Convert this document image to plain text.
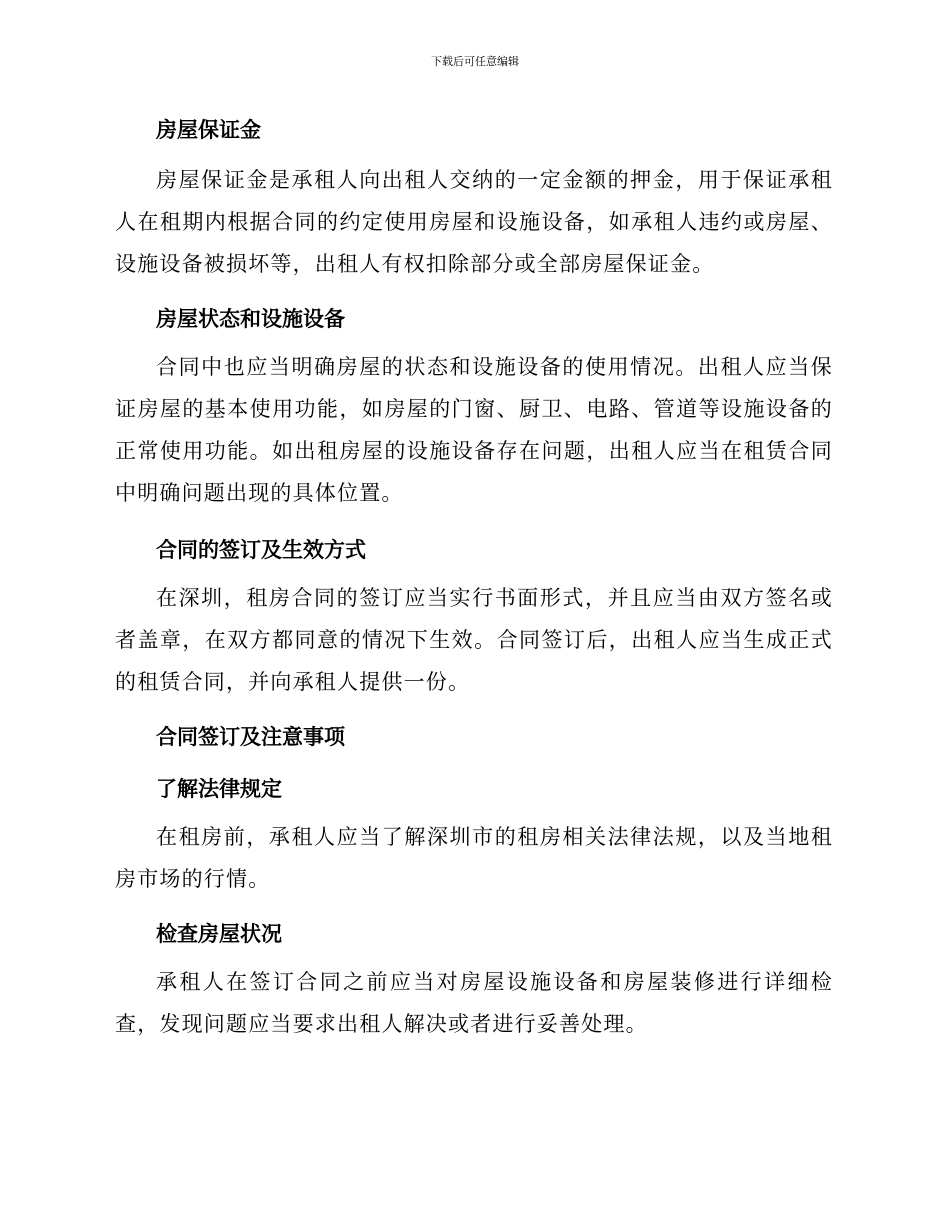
下载后可任意编辑
房屋保证金
房屋保证金是承租人向出租人交纳的一定金额的押金，用于保证承租人在租期内根据合同的约定使用房屋和设施设备，如承租人违约或房屋、设施设备被损坏等，出租人有权扣除部分或全部房屋保证金。
房屋状态和设施设备
合同中也应当明确房屋的状态和设施设备的使用情况。出租人应当保证房屋的基本使用功能，如房屋的门窗、厨卫、电路、管道等设施设备的正常使用功能。如出租房屋的设施设备存在问题，出租人应当在租赁合同中明确问题出现的具体位置。
合同的签订及生效方式
在深圳，租房合同的签订应当实行书面形式，并且应当由双方签名或者盖章，在双方都同意的情况下生效。合同签订后，出租人应当生成正式的租赁合同，并向承租人提供一份。
合同签订及注意事项
了解法律规定
在租房前，承租人应当了解深圳市的租房相关法律法规，以及当地租房市场的行情。
检查房屋状况
承租人在签订合同之前应当对房屋设施设备和房屋装修进行详细检查，发现问题应当要求出租人解决或者进行妥善处理。
